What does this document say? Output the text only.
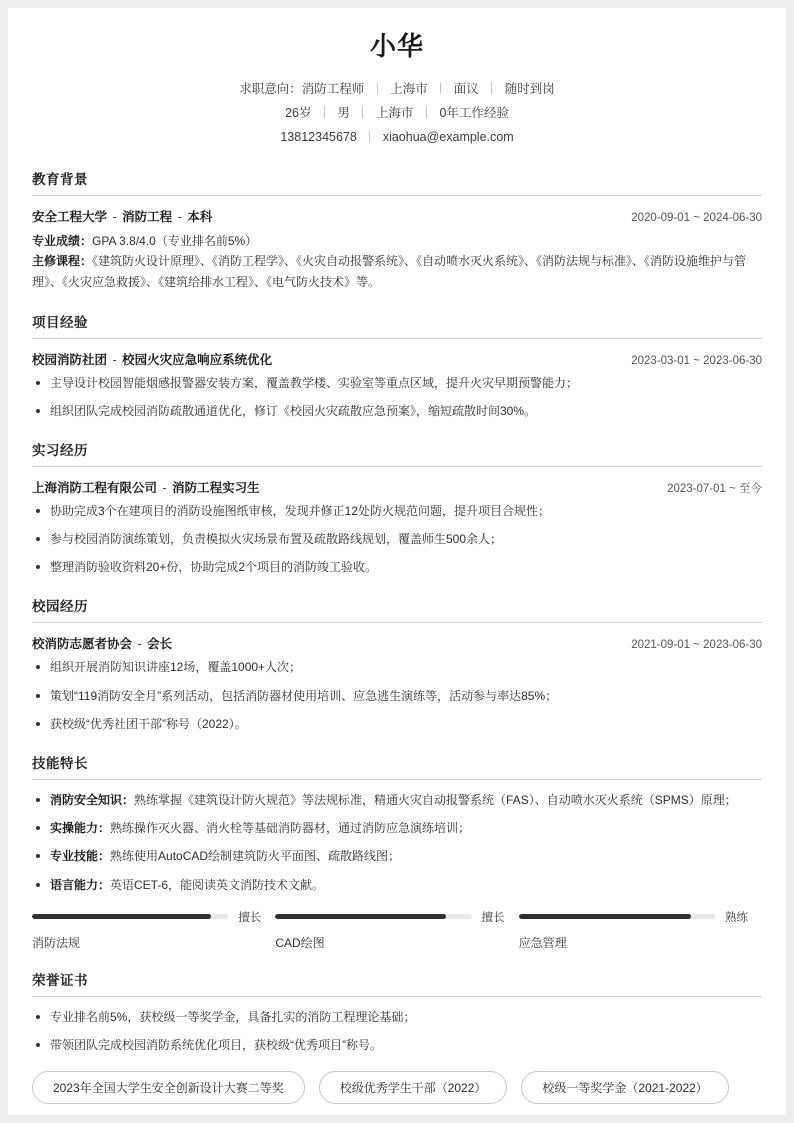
小华
求职意向：消防工程师 上海市 面议 随时到岗
26岁 男 上海市 0年工作经验
13812345678 xiaohua@example.com
教育背景
安全工程大学 - 消防工程 - 本科	2020-09-01 ~ 2024-06-30
专业成绩：GPA 3.8/4.0（专业排名前5%）
主修课程：《建筑防火设计原理》、《消防工程学》、《火灾自动报警系统》、《自动喷水灭火系统》、《消防法规与标准》、《消防设施维护与管理》、《火灾应急救援》、《建筑给排水工程》、《电气防火技术》等。
项目经验
校园消防社团 - 校园火灾应急响应系统优化	2023-03-01 ~ 2023-06-30
主导设计校园智能烟感报警器安装方案，覆盖教学楼、实验室等重点区域，提升火灾早期预警能力；
组织团队完成校园消防疏散通道优化，修订《校园火灾疏散应急预案》，缩短疏散时间30%。
实习经历
上海消防工程有限公司 - 消防工程实习生	2023-07-01 ~ 至今
协助完成3个在建项目的消防设施图纸审核，发现并修正12处防火规范问题，提升项目合规性；
参与校园消防演练策划，负责模拟火灾场景布置及疏散路线规划，覆盖师生500余人；
整理消防验收资料20+份，协助完成2个项目的消防竣工验收。
校园经历
校消防志愿者协会 - 会长	2021-09-01 ~ 2023-06-30
组织开展消防知识讲座12场，覆盖1000+人次；
策划“119消防安全月”系列活动，包括消防器材使用培训、应急逃生演练等，活动参与率达85%；
获校级“优秀社团干部”称号（2022）。
技能特长
消防安全知识：熟练掌握《建筑设计防火规范》等法规标准，精通火灾自动报警系统（FAS）、自动喷水灭火系统（SPMS）原理；
实操能力：熟练操作灭火器、消火栓等基础消防器材，通过消防应急演练培训；
专业技能：熟练使用AutoCAD绘制建筑防火平面图、疏散路线图；
语言能力：英语CET-6，能阅读英文消防技术文献。
擅长
消防法规
擅长
CAD绘图
熟练
应急管理
荣誉证书
专业排名前5%，获校级一等奖学金，具备扎实的消防工程理论基础；
带领团队完成校园消防系统优化项目，获校级“优秀项目”称号。
2023年全国大学生安全创新设计大赛二等奖	校级优秀学生干部（2022）	校级一等奖学金（2021-2022）
